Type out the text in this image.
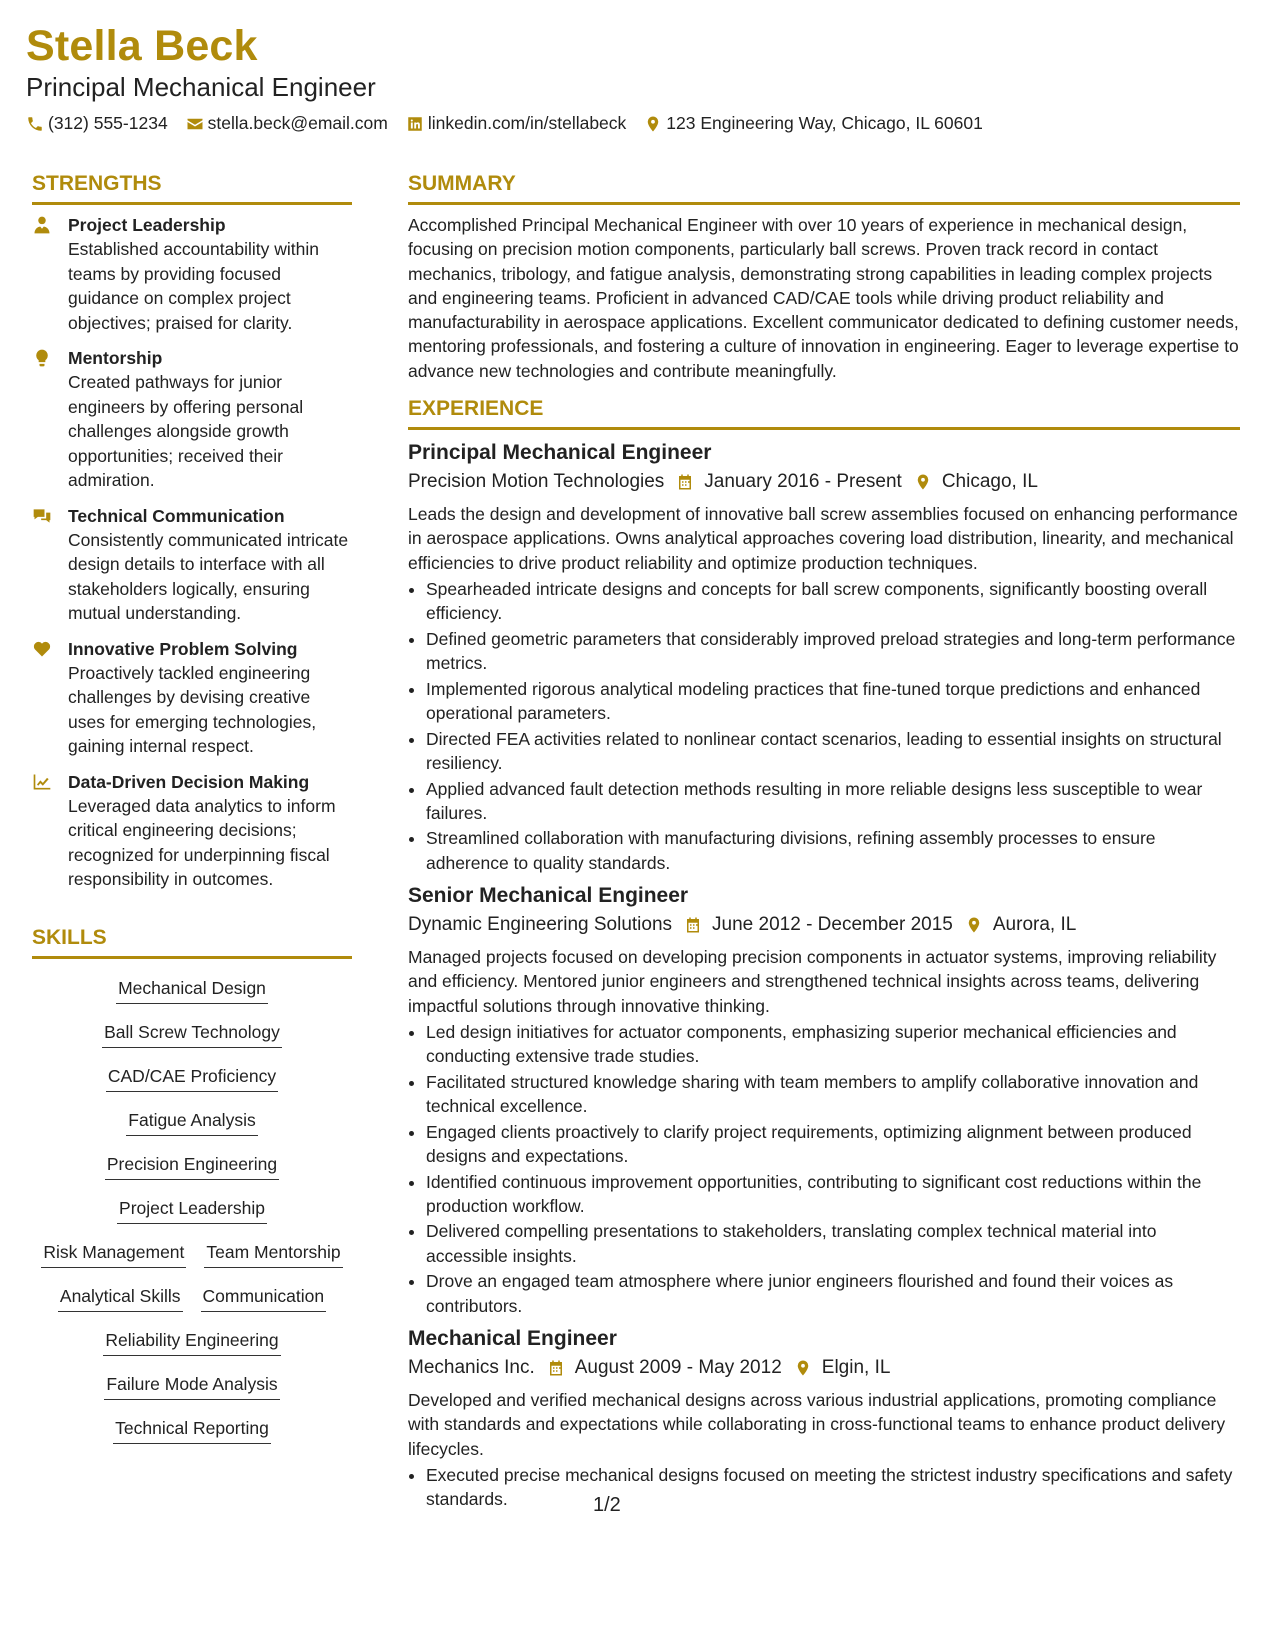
Stella Beck
Principal Mechanical Engineer
(312) 555-1234 stella.beck@email.com linkedin.com/in/stellabeck 123 Engineering Way, Chicago, IL 60601
STRENGTHS
Project Leadership
Established accountability within teams by providing focused guidance on complex project objectives; praised for clarity.
Mentorship
Created pathways for junior engineers by offering personal challenges alongside growth opportunities; received their admiration.
Technical Communication
Consistently communicated intricate design details to interface with all stakeholders logically, ensuring mutual understanding.
Innovative Problem Solving
Proactively tackled engineering challenges by devising creative uses for emerging technologies, gaining internal respect.
Data-Driven Decision Making
Leveraged data analytics to inform critical engineering decisions; recognized for underpinning fiscal responsibility in outcomes.
SKILLS
Mechanical Design
Ball Screw Technology
CAD/CAE Proficiency
Fatigue Analysis
Precision Engineering
Project Leadership
Risk Management Team Mentorship
Analytical Skills Communication
Reliability Engineering
Failure Mode Analysis
Technical Reporting
SUMMARY
Accomplished Principal Mechanical Engineer with over 10 years of experience in mechanical design, focusing on precision motion components, particularly ball screws. Proven track record in contact mechanics, tribology, and fatigue analysis, demonstrating strong capabilities in leading complex projects and engineering teams. Proficient in advanced CAD/CAE tools while driving product reliability and manufacturability in aerospace applications. Excellent communicator dedicated to defining customer needs, mentoring professionals, and fostering a culture of innovation in engineering. Eager to leverage expertise to advance new technologies and contribute meaningfully.
EXPERIENCE
Principal Mechanical Engineer
Precision Motion Technologies January 2016 - Present Chicago, IL
Leads the design and development of innovative ball screw assemblies focused on enhancing performance in aerospace applications. Owns analytical approaches covering load distribution, linearity, and mechanical efficiencies to drive product reliability and optimize production techniques.
• Spearheaded intricate designs and concepts for ball screw components, significantly boosting overall efficiency.
• Defined geometric parameters that considerably improved preload strategies and long-term performance metrics.
• Implemented rigorous analytical modeling practices that fine-tuned torque predictions and enhanced operational parameters.
• Directed FEA activities related to nonlinear contact scenarios, leading to essential insights on structural resiliency.
• Applied advanced fault detection methods resulting in more reliable designs less susceptible to wear failures.
• Streamlined collaboration with manufacturing divisions, refining assembly processes to ensure adherence to quality standards.
Senior Mechanical Engineer
Dynamic Engineering Solutions June 2012 - December 2015 Aurora, IL
Managed projects focused on developing precision components in actuator systems, improving reliability and efficiency. Mentored junior engineers and strengthened technical insights across teams, delivering impactful solutions through innovative thinking.
• Led design initiatives for actuator components, emphasizing superior mechanical efficiencies and conducting extensive trade studies.
• Facilitated structured knowledge sharing with team members to amplify collaborative innovation and technical excellence.
• Engaged clients proactively to clarify project requirements, optimizing alignment between produced designs and expectations.
• Identified continuous improvement opportunities, contributing to significant cost reductions within the production workflow.
• Delivered compelling presentations to stakeholders, translating complex technical material into accessible insights.
• Drove an engaged team atmosphere where junior engineers flourished and found their voices as contributors.
Mechanical Engineer
Mechanics Inc. August 2009 - May 2012 Elgin, IL
Developed and verified mechanical designs across various industrial applications, promoting compliance with standards and expectations while collaborating in cross-functional teams to enhance product delivery lifecycles.
• Executed precise mechanical designs focused on meeting the strictest industry specifications and safety standards.	1/2
